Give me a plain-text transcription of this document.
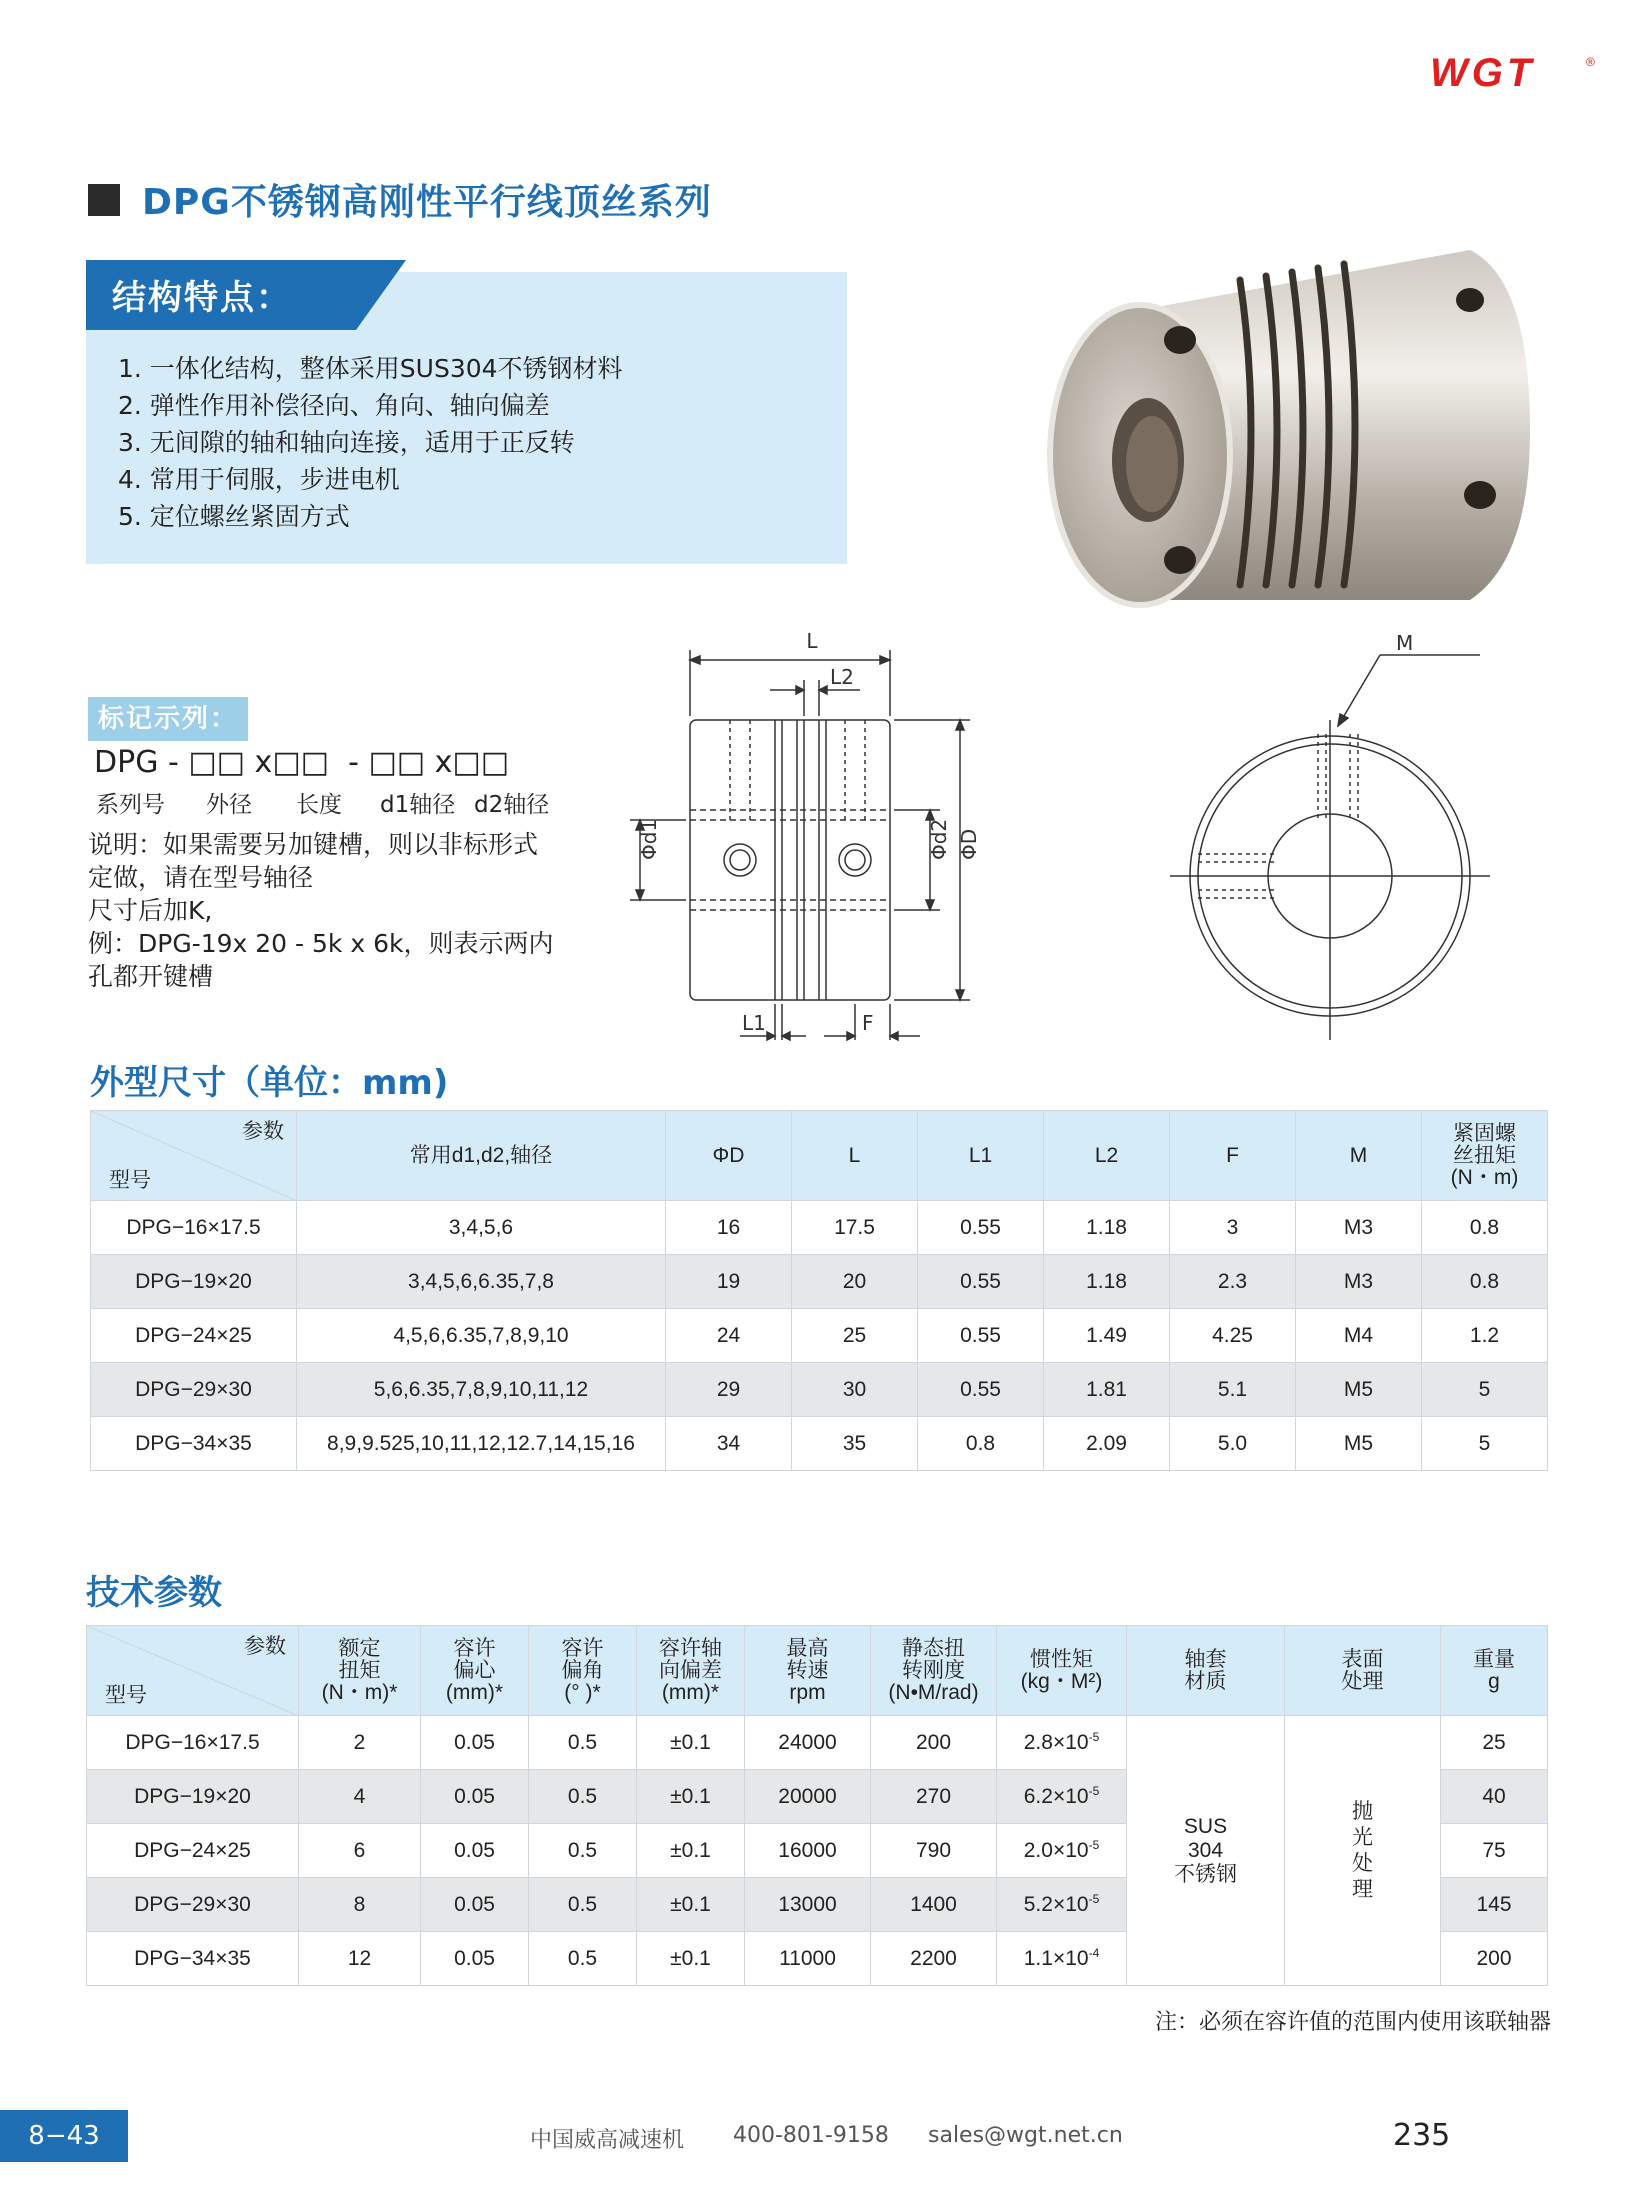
WGT	®
DPG不锈钢高刚性平行线顶丝系列
结构特点：
1. 一体化结构，整体采用SUS304不锈钢材料
2. 弹性作用补偿径向、角向、轴向偏差
3. 无间隙的轴和轴向连接，适用于正反转
4. 常用于伺服，步进电机
5. 定位螺丝紧固方式
标记示列：
DPG - □□ x□□  - □□ x□□
系列号 外径 长度 d1轴径 d2轴径
说明：如果需要另加键槽，则以非标形式
定做，请在型号轴径
尺寸后加K,
例：DPG-19x 20 - 5k x 6k，则表示两内
孔都开键槽
L
L2
Φd1	Φd2 ΦD
L1	F
M
外型尺寸（单位：mm)
参数
型号	常用d1,d2,轴径	ΦD	L	L1	L2	F	M	紧固螺
丝扭矩
(N・m)
DPG−16×17.5	3,4,5,6	16	17.5	0.55	1.18	3	M3	0.8
DPG−19×20	3,4,5,6,6.35,7,8	19	20	0.55	1.18	2.3	M3	0.8
DPG−24×25	4,5,6,6.35,7,8,9,10	24	25	0.55	1.49	4.25	M4	1.2
DPG−29×30	5,6,6.35,7,8,9,10,11,12	29	30	0.55	1.81	5.1	M5	5
DPG−34×35	8,9,9.525,10,11,12,12.7,14,15,16	34	35	0.8	2.09	5.0	M5	5
技术参数
参数
型号	额定
扭矩
(N・m)*	容许
偏心
(mm)*	容许
偏角
(° )*	容许轴
向偏差
(mm)*	最高
转速
rpm	静态扭
转刚度
(N•M/rad)	惯性矩
(kg・M²)	轴套
材质	表面
处理	重量
g
DPG−16×17.5	2	0.05	0.5	±0.1	24000	200	$2.8\times 10^{-5}$	SUS
304
不锈钢	抛
光
处
理	25
DPG−19×20	4	0.05	0.5	±0.1	20000	270	$6.2\times 10^{-5}$			40
DPG−24×25	6	0.05	0.5	±0.1	16000	790	$2.0\times 10^{-5}$			75
DPG−29×30	8	0.05	0.5	±0.1	13000	1400	$5.2\times 10^{-5}$			145
DPG−34×35	12	0.05	0.5	±0.1	11000	2200	$1.1\times 10^{-4}$			200
注：必须在容许值的范围内使用该联轴器
8−43	中国威高减速机 400-801-9158 sales@wgt.net.cn	235
